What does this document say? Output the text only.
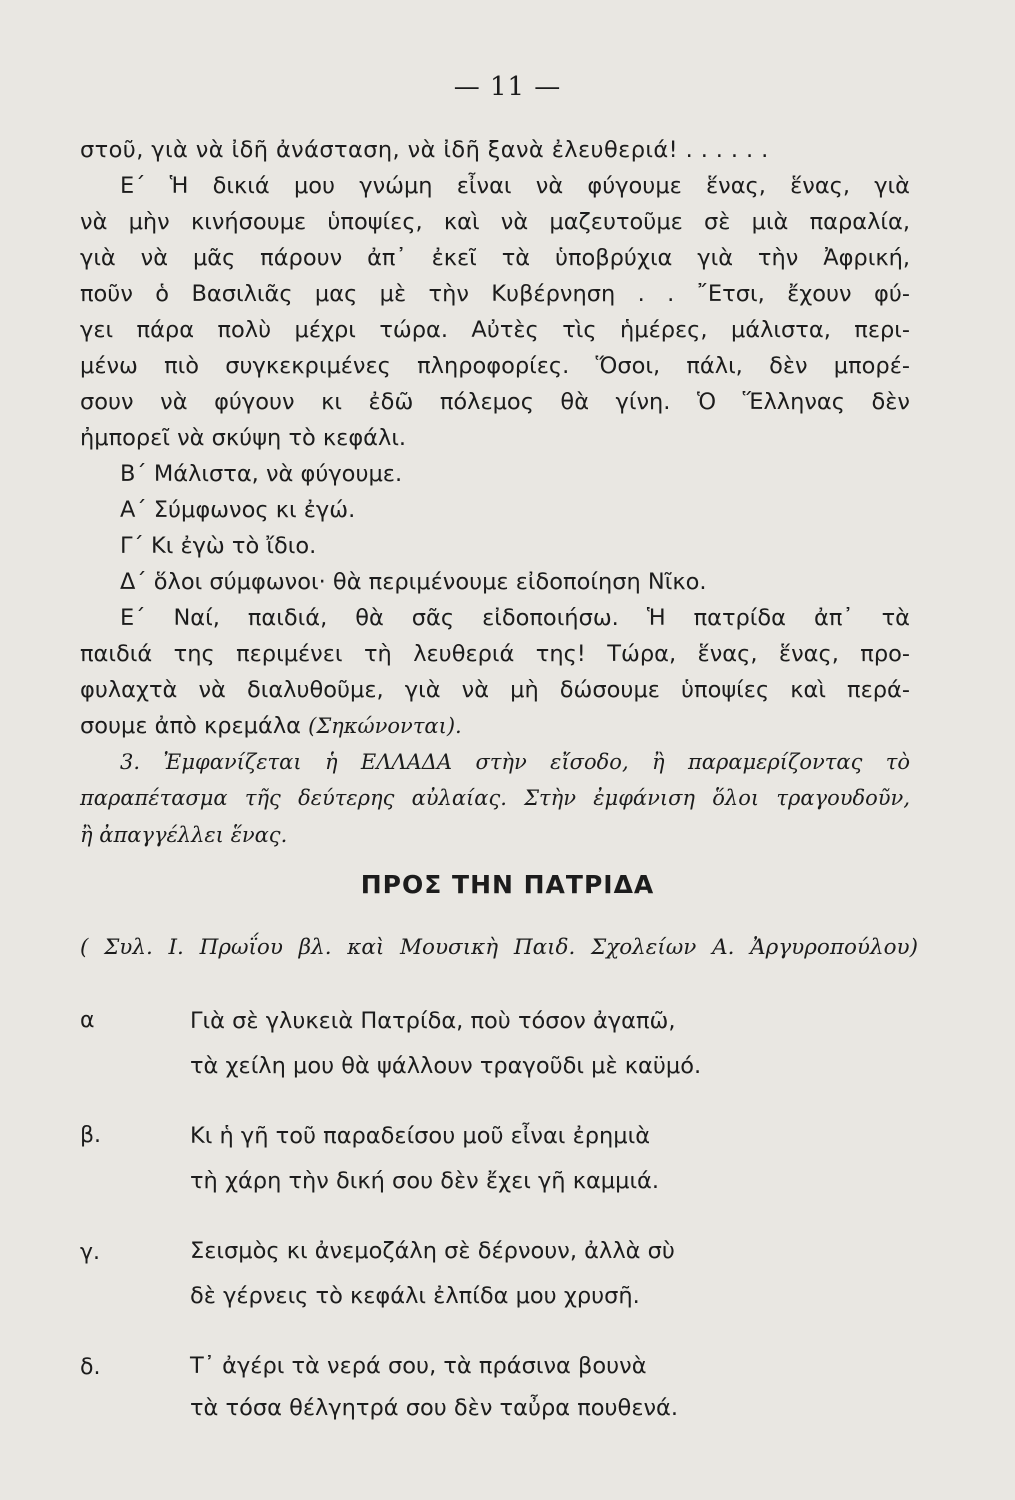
— 11 —
στοῦ, γιὰ νὰ ἰδῆ ἀνάσταση, νὰ ἰδῆ ξανὰ ἐλευθεριά! . . . . . .
Ε΄ Ἡ δικιά μου γνώμη εἶναι νὰ φύγουμε ἕνας, ἕνας, γιὰ
νὰ μὴν κινήσουμε ὑποψίες, καὶ νὰ μαζευτοῦμε σὲ μιὰ παραλία,
γιὰ νὰ μᾶς πάρουν ἀπ᾿ ἐκεῖ τὰ ὑποβρύχια γιὰ τὴν Ἀφρική,
ποῦν ὁ Βασιλιᾶς μας μὲ τὴν Κυβέρνηση . . ῎Ετσι, ἔχουν φύ-
γει πάρα πολὺ μέχρι τώρα. Αὐτὲς τὶς ἡμέρες, μάλιστα, περι-
μένω πιὸ συγκεκριμένες πληροφορίες. Ὅσοι, πάλι, δὲν μπορέ-
σουν νὰ φύγουν κι ἐδῶ πόλεμος θὰ γίνη. Ὁ Ἕλληνας δὲν
ἠμπορεῖ νὰ σκύψη τὸ κεφάλι.
Β΄ Μάλιστα, νὰ φύγουμε.
Α΄ Σύμφωνος κι ἐγώ.
Γ΄ Κι ἐγὼ τὸ ἴδιο.
Δ΄ ὅλοι σύμφωνοι· θὰ περιμένουμε εἰδοποίηση Νῖκο.
Ε΄ Ναί, παιδιά, θὰ σᾶς εἰδοποιήσω. Ἡ πατρίδα ἀπ᾿ τὰ
παιδιά της περιμένει τὴ λευθεριά της! Τώρα, ἕνας, ἕνας, προ-
φυλαχτὰ νὰ διαλυθοῦμε, γιὰ νὰ μὴ δώσουμε ὑποψίες καὶ περά-
σουμε ἀπὸ κρεμάλα (Σηκώνονται).
3. Ἐμφανίζεται ἡ ΕΛΛΑΔΑ στὴν εἴσοδο, ἢ παραμερίζοντας τὸ
παραπέτασμα τῆς δεύτερης αὐλαίας. Στὴν ἐμφάνιση ὅλοι τραγουδοῦν,
ἢ ἀπαγγέλλει ἕνας.
ΠΡΟΣ ΤΗΝ ΠΑΤΡΙΔΑ
( Συλ. Ι. Πρωΐου βλ. καὶ Μουσικὴ Παιδ. Σχολείων Α. Ἀργυροπούλου)
α	Γιὰ σὲ γλυκειὰ Πατρίδα, ποὺ τόσον ἀγαπῶ,
τὰ χείλη μου θὰ ψάλλουν τραγοῦδι μὲ καϋμό.
β.	Κι ἡ γῆ τοῦ παραδείσου μοῦ εἶναι ἐρημιὰ
τὴ χάρη τὴν δική σου δὲν ἔχει γῆ καμμιά.
γ.	Σεισμὸς κι ἀνεμοζάλη σὲ δέρνουν, ἀλλὰ σὺ
δὲ γέρνεις τὸ κεφάλι ἐλπίδα μου χρυσῆ.
δ.	Τ᾿ ἀγέρι τὰ νερά σου, τὰ πράσινα βουνὰ
τὰ τόσα θέλγητρά σου δὲν ταὖρα πουθενά.
